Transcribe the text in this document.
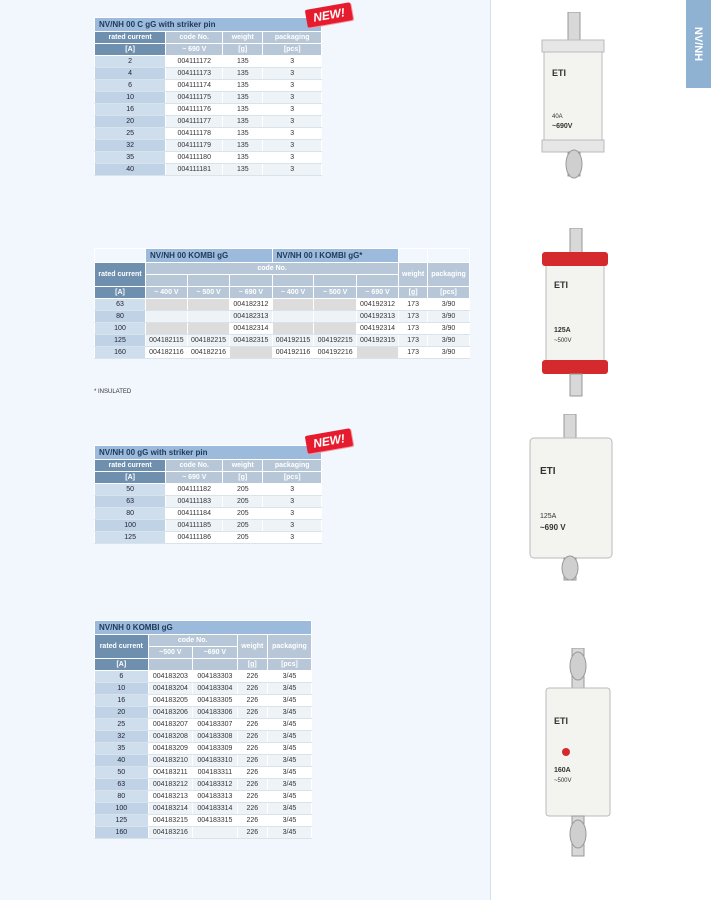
NV/NH
NV/NH 00 C gG with striker pin			
rated current	code No.	weight	packaging
[A]	~ 690 V	[g]	[pcs]
2	004111172	135	3
4	004111173	135	3
6	004111174	135	3
10	004111175	135	3
16	004111176	135	3
20	004111177	135	3
25	004111178	135	3
32	004111179	135	3
35	004111180	135	3
40	004111181	135	3
NEW!
	NV/NH 00 KOMBI gG			NV/NH 00 I KOMBI gG*				
rated current	code No.						weight	packaging

[A]	~ 400 V	~ 500 V	~ 690 V	~ 400 V	~ 500 V	~ 690 V	[g]	[pcs]
63			004182312			004192312	173	3/90
80			004182313			004192313	173	3/90
100			004182314			004192314	173	3/90
125	004182115	004182215	004182315	004192115	004192215	004192315	173	3/90
160	004182116	004182216		004192116	004192216		173	3/90
* INSULATED
NV/NH 00 gG with striker pin			
rated current	code No.	weight	packaging
[A]	~ 690 V	[g]	[pcs]
50	004111182	205	3
63	004111183	205	3
80	004111184	205	3
100	004111185	205	3
125	004111186	205	3
NEW!
NV/NH 0 KOMBI gG				
rated current	code No.		weight	packaging
	~500 V	~690 V		
[A]			[g]	[pcs]
6	004183203	004183303	226	3/45
10	004183204	004183304	226	3/45
16	004183205	004183305	226	3/45
20	004183206	004183306	226	3/45
25	004183207	004183307	226	3/45
32	004183208	004183308	226	3/45
35	004183209	004183309	226	3/45
40	004183210	004183310	226	3/45
50	004183211	004183311	226	3/45
63	004183212	004183312	226	3/45
80	004183213	004183313	226	3/45
100	004183214	004183314	226	3/45
125	004183215	004183315	226	3/45
160	004183216		226	3/45
ETI
40A
~690V
ETI
125A
~500V
ETI
125A
~690 V
ETI
160A
~500V
